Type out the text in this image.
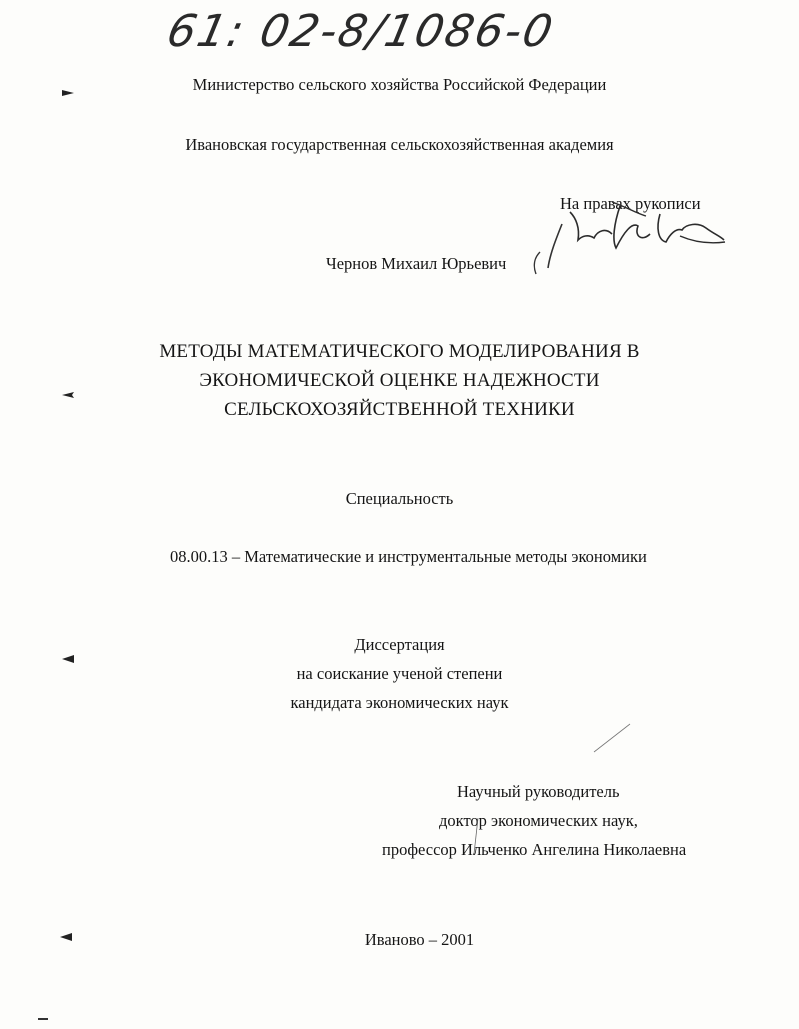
61: 02-8/1086-0
Министерство сельского хозяйства Российской Федерации
Ивановская государственная сельскохозяйственная академия
На правах рукописи
Чернов Михаил Юрьевич
МЕТОДЫ МАТЕМАТИЧЕСКОГО МОДЕЛИРОВАНИЯ В
ЭКОНОМИЧЕСКОЙ ОЦЕНКЕ НАДЕЖНОСТИ
СЕЛЬСКОХОЗЯЙСТВЕННОЙ ТЕХНИКИ
Специальность
08.00.13 – Математические и инструментальные методы экономики
Диссертация
на соискание ученой степени
кандидата экономических наук
Научный руководитель
доктор экономических наук,
профессор Ильченко Ангелина Николаевна
Иваново – 2001
